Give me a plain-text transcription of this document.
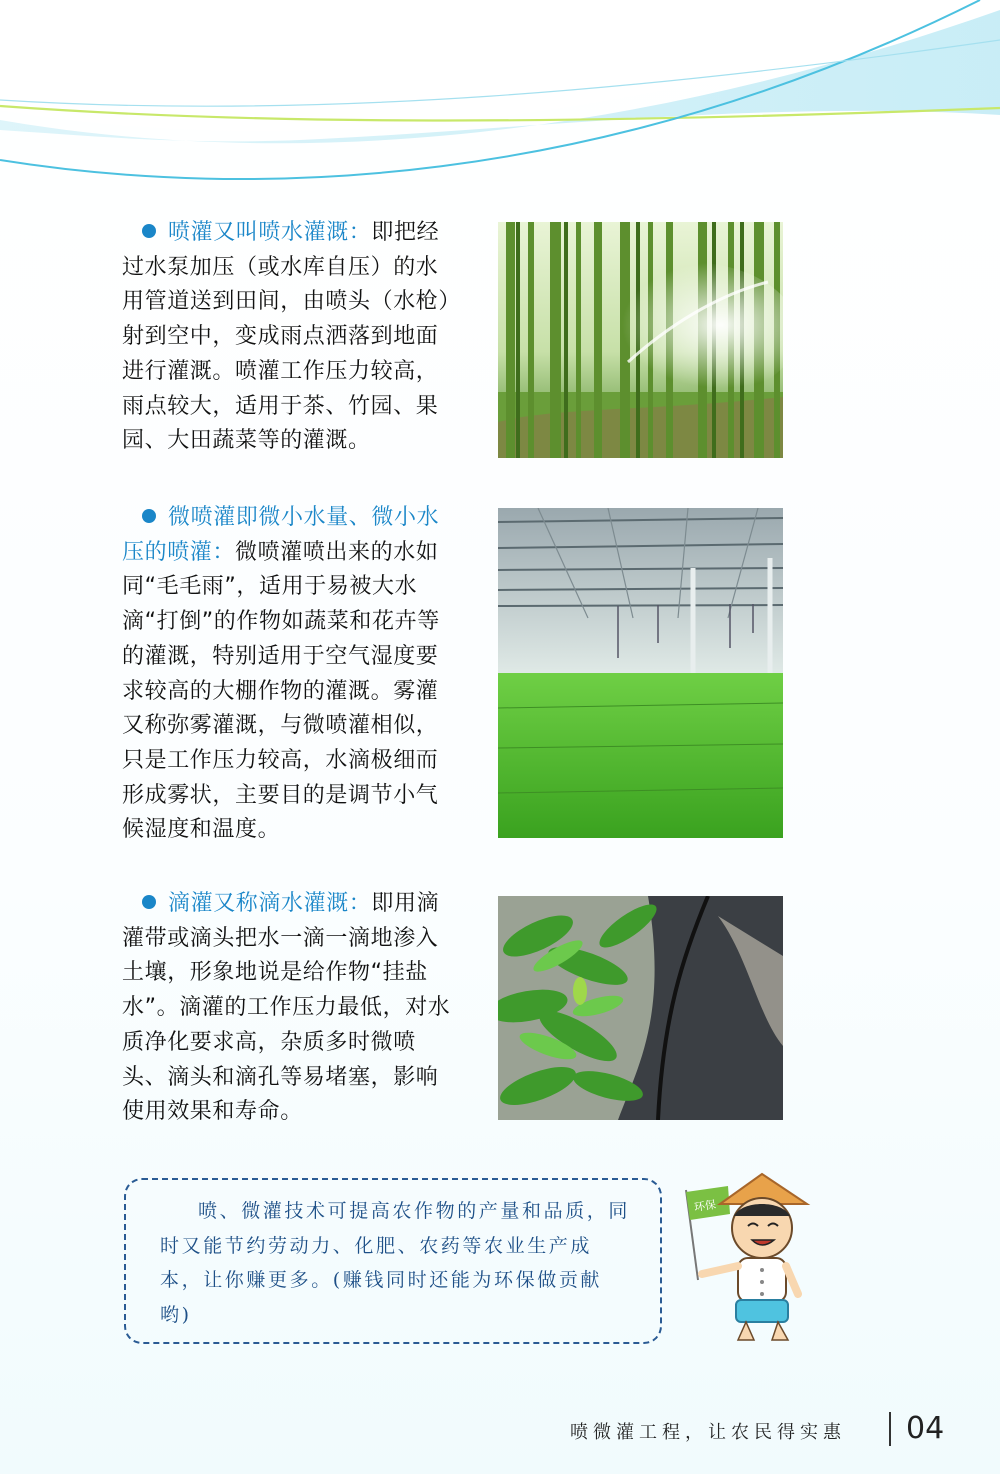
喷灌又叫喷水灌溉：即把经过水泵加压（或水库自压）的水用管道送到田间，由喷头（水枪）射到空中，变成雨点洒落到地面进行灌溉。喷灌工作压力较高，雨点较大，适用于茶、竹园、果园、大田蔬菜等的灌溉。
微喷灌即微小水量、微小水压的喷灌：微喷灌喷出来的水如同“毛毛雨”，适用于易被大水滴“打倒”的作物如蔬菜和花卉等的灌溉，特别适用于空气湿度要求较高的大棚作物的灌溉。雾灌又称弥雾灌溉，与微喷灌相似，只是工作压力较高，水滴极细而形成雾状，主要目的是调节小气候湿度和温度。
滴灌又称滴水灌溉：即用滴灌带或滴头把水一滴一滴地渗入土壤，形象地说是给作物“挂盐水”。滴灌的工作压力最低，对水质净化要求高，杂质多时微喷头、滴头和滴孔等易堵塞，影响使用效果和寿命。

喷、微灌技术可提高农作物的产量和品质，同时又能节约劳动力、化肥、农药等农业生产成本，让你赚更多。(赚钱同时还能为环保做贡献哟)

环保
喷微灌工程，让农民得实惠 04
